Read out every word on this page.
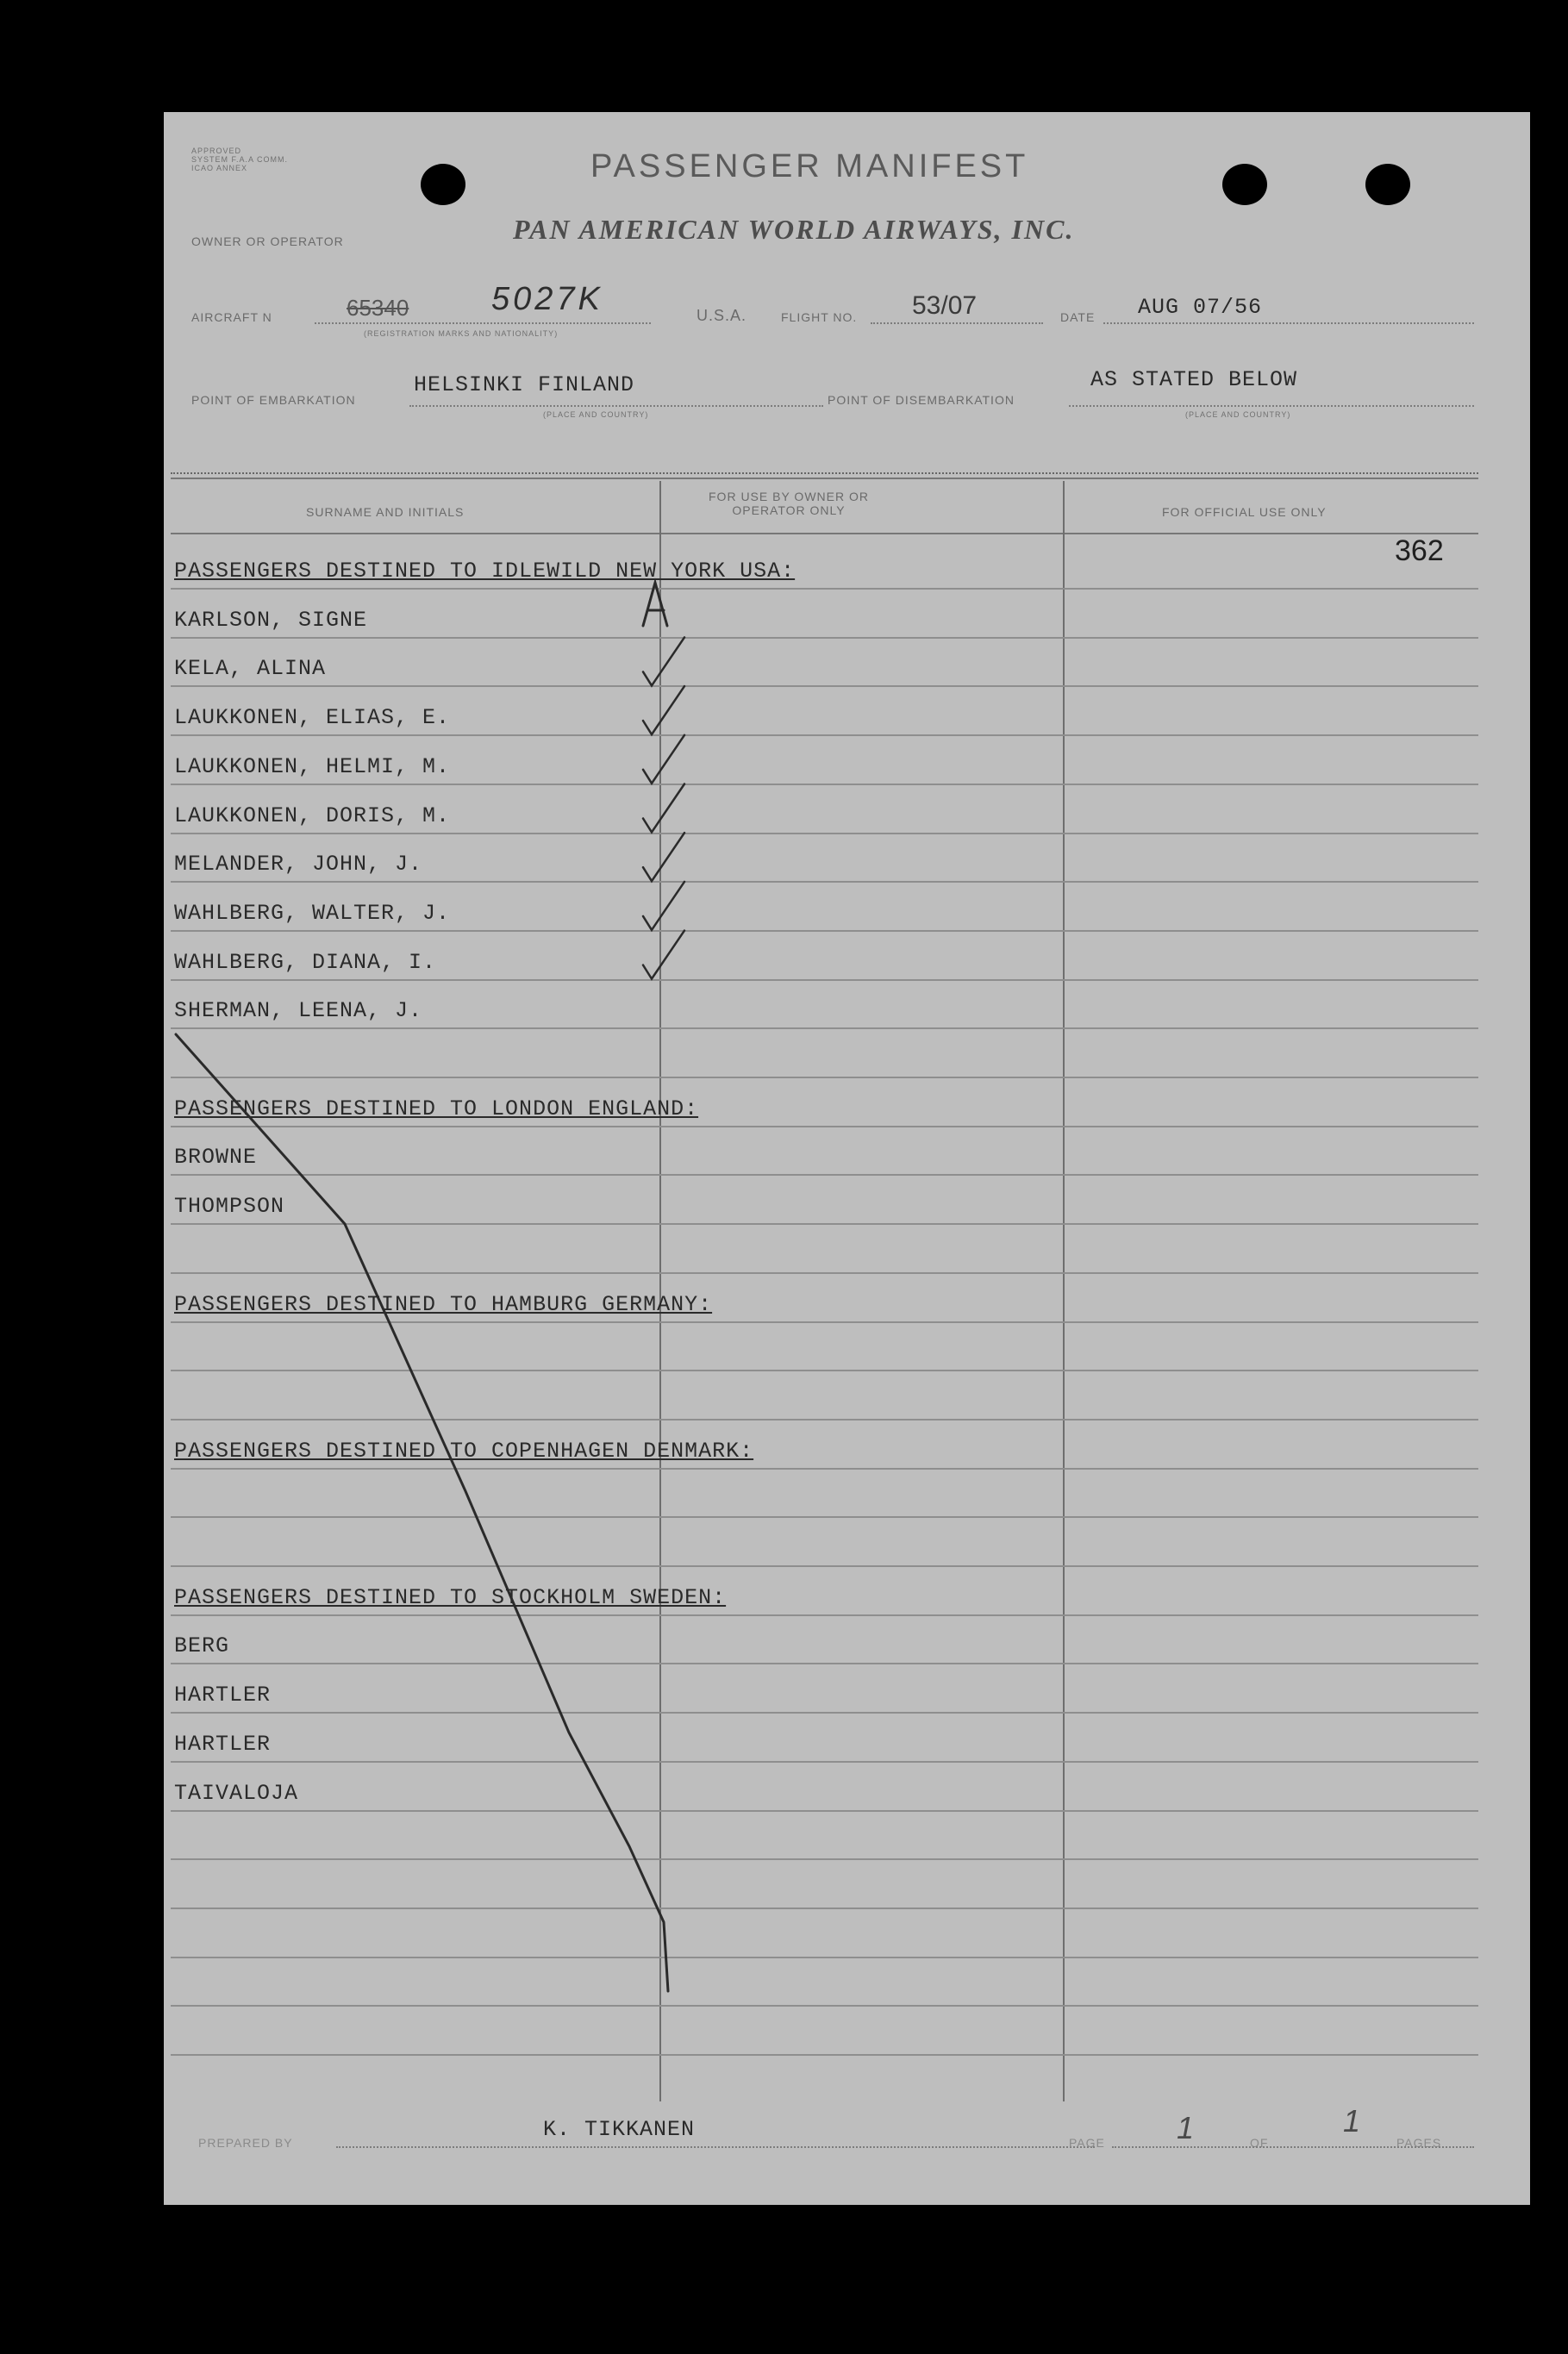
APPROVED
SYSTEM F.A.A COMM.
ICAO ANNEX	PASSENGER MANIFEST
OWNER OR OPERATOR	PAN AMERICAN WORLD AIRWAYS, INC.
AIRCRAFT N	65340	5027K
(REGISTRATION MARKS AND NATIONALITY)
U.S.A.	FLIGHT NO. 53/07	DATE AUG 07/56
POINT OF EMBARKATION
HELSINKI FINLAND
(PLACE AND COUNTRY)
POINT OF DISEMBARKATION
AS STATED BELOW
(PLACE AND COUNTRY)
SURNAME AND INITIALS
FOR USE BY OWNER OR OPERATOR ONLY	FOR OFFICIAL USE ONLY
362
PASSENGERS DESTINED TO IDLEWILD NEW YORK USA:
KARLSON, SIGNE
KELA, ALINA
LAUKKONEN, ELIAS, E.
LAUKKONEN, HELMI, M.
LAUKKONEN, DORIS, M.
MELANDER, JOHN, J.
WAHLBERG, WALTER, J.
WAHLBERG, DIANA, I.
SHERMAN, LEENA, J.
PASSENGERS DESTINED TO LONDON ENGLAND:
BROWNE
THOMPSON
PASSENGERS DESTINED TO HAMBURG GERMANY:
PASSENGERS DESTINED TO COPENHAGEN DENMARK:
PASSENGERS DESTINED TO STOCKHOLM SWEDEN:
BERG
HARTLER
HARTLER
TAIVALOJA
PREPARED BY
K. TIKKANEN
PAGE 1	OF
1
PAGES
